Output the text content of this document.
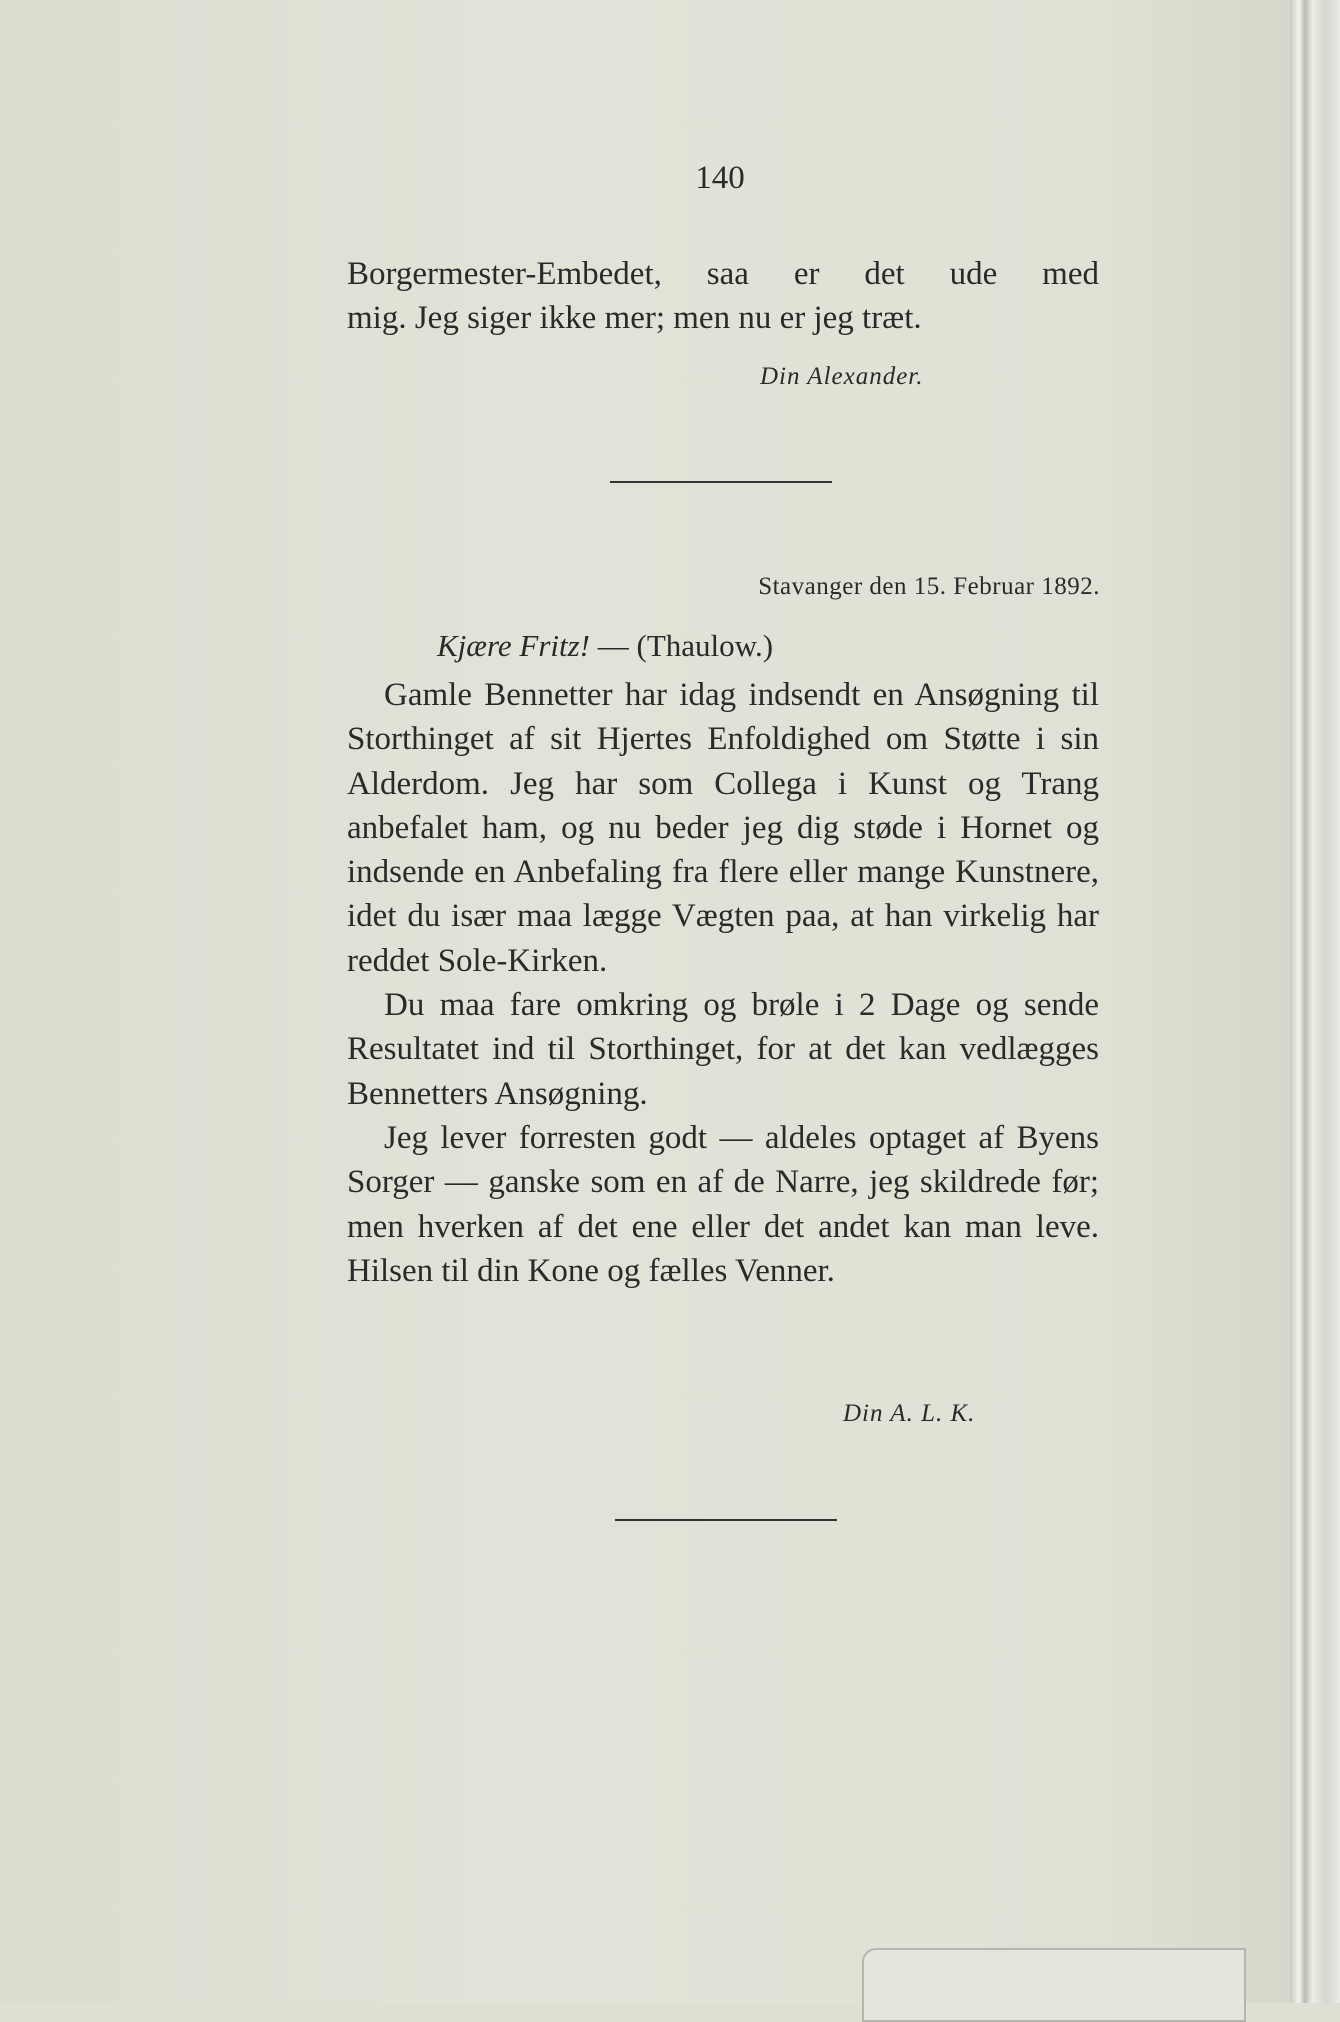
140

Borgermester-Embedet, saa er det ude med

mig. Jeg siger ikke mer; men nu er jeg træt.

Din Alexander.
Stavanger den 15. Februar 1892.
Kjære Fritz! — (Thaulow.)

Gamle Bennetter har idag indsendt en Ansøgning til Storthinget af sit Hjertes Enfoldighed om Støtte i sin Alderdom. Jeg har som Collega i Kunst og Trang anbefalet ham, og nu beder jeg dig støde i Hornet og indsende en Anbefaling fra flere eller mange Kunstnere, idet du især maa lægge Vægten paa, at han virkelig har reddet Sole-Kirken.

Du maa fare omkring og brøle i 2 Dage og sende Resultatet ind til Storthinget, for at det kan vedlægges Bennetters Ansøgning.

Jeg lever forresten godt — aldeles optaget af Byens Sorger — ganske som en af de Narre, jeg skildrede før; men hverken af det ene eller det andet kan man leve. Hilsen til din Kone og fælles Venner.

Din A. L. K.
